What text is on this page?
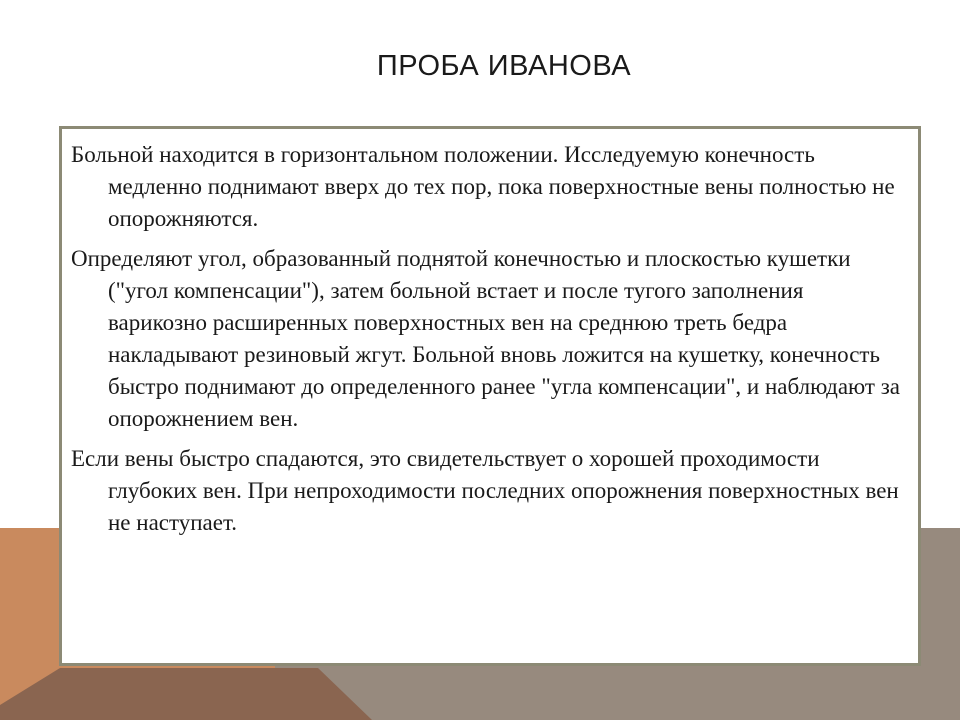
ПРОБА ИВАНОВА

Больной находится в горизонтальном положении. Исследуемую конечность медленно поднимают вверх до тех пор, пока поверхностные вены полностью не опорожняются.

Определяют угол, образованный поднятой конечностью и плоскостью кушетки ("угол компенсации"), затем больной встает и после тугого заполнения варикозно расширенных поверхностных вен на среднюю треть бедра накладывают резиновый жгут. Больной вновь ложится на кушетку, конечность быстро поднимают до определенного ранее "угла компенсации", и наблюдают за опорожнением вен.

Если вены быстро спадаются, это свидетельствует о хорошей проходимости глубоких вен. При непроходимости последних опорожнения поверхностных вен не наступает.
